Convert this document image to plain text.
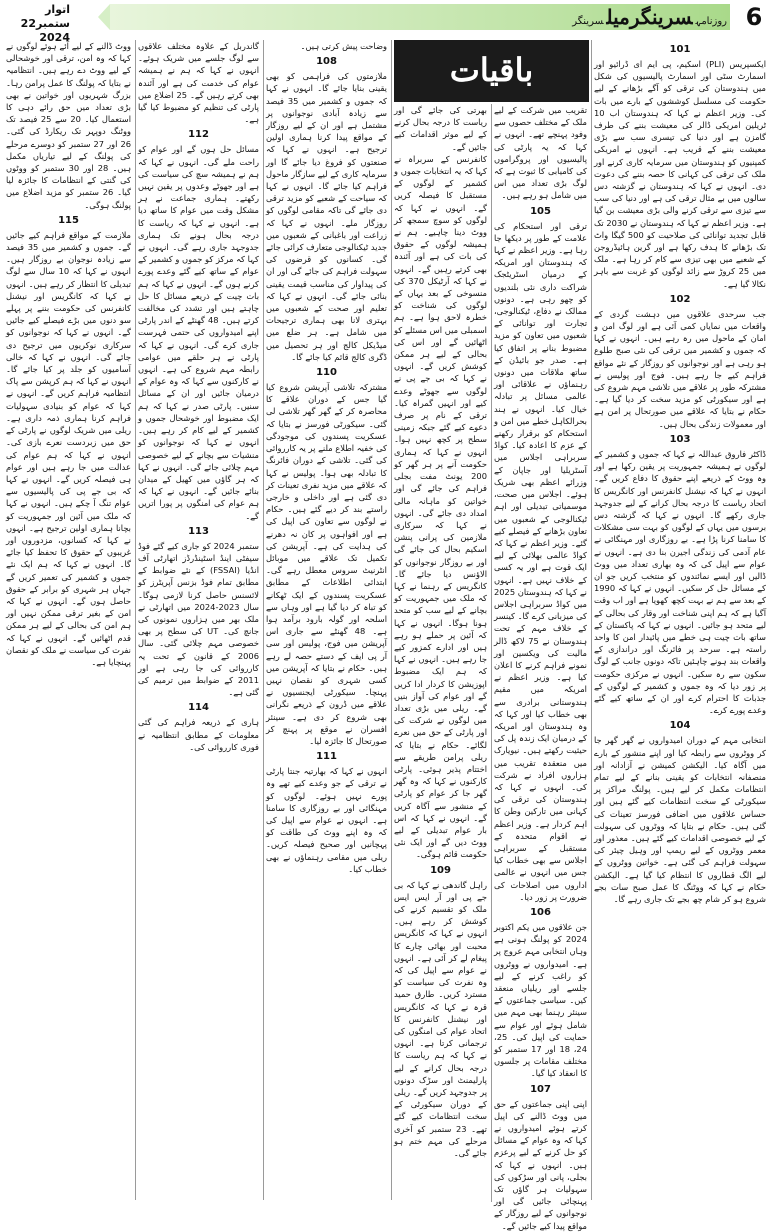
اتوار
22ستمبر 2024
روزنامہسرینگرمیلسرینگر	6
باقیات
101
ایکسپریس (PLI) اسکیم، پی ایم ای ڈرائیو اور اسمارٹ سٹی اور اسمارٹ پالیسیوں کی شکل میں ہندوستان کی ترقی کو آگے بڑھانے کے لیے حکومت کی مسلسل کوششوں کے بارے میں بات کی۔ وزیر اعظم نے کہا کہ ہندوستان اب 10 ٹریلین امریکی ڈالر کی معیشت بننے کی طرف گامزن ہے اور دنیا کی تیسری سب سے بڑی معیشت بننے کے قریب ہے۔ انہوں نے امریکی کمپنیوں کو ہندوستان میں سرمایہ کاری کرنے اور ملک کی ترقی کی کہانی کا حصہ بننے کی دعوت دی۔ انہوں نے کہا کہ ہندوستان نے گزشتہ دس سالوں میں بے مثال ترقی کی ہے اور دنیا کی سب سے تیزی سے ترقی کرنے والی بڑی معیشت بن گیا ہے۔ وزیر اعظم نے کہا کہ ہندوستان نے 2030 تک قابل تجدید توانائی کی صلاحیت کو 500 گیگا واٹ تک بڑھانے کا ہدف رکھا ہے اور گرین ہائیڈروجن کے شعبے میں بھی تیزی سے کام کر رہا ہے۔ ملک میں 25 کروڑ سے زائد لوگوں کو غربت سے باہر نکالا گیا ہے۔
102
جب سرحدی علاقوں میں دہشت گردی کے واقعات میں نمایاں کمی آئی ہے اور لوگ امن و امان کے ماحول میں رہ رہے ہیں۔ انہوں نے کہا کہ جموں و کشمیر میں ترقی کی نئی صبح طلوع ہو رہی ہے اور نوجوانوں کو روزگار کے نئے مواقع فراہم کیے جا رہے ہیں۔ فوج اور پولیس نے مشترکہ طور پر علاقے میں تلاشی مہم شروع کی ہے اور سیکورٹی کو مزید سخت کر دیا گیا ہے۔ حکام نے بتایا کہ علاقے میں صورتحال پر امن ہے اور معمولات زندگی بحال ہیں۔
103
ڈاکٹر فاروق عبداللہ نے کہا کہ جموں و کشمیر کے لوگوں نے ہمیشہ جمہوریت پر یقین رکھا ہے اور وہ ووٹ کے ذریعے اپنے حقوق کا دفاع کریں گے۔ انہوں نے کہا کہ نیشنل کانفرنس اور کانگریس کا اتحاد ریاست کا درجہ بحال کرانے کے لیے جدوجہد جاری رکھے گا۔ انہوں نے کہا کہ گزشتہ دس برسوں میں یہاں کے لوگوں کو بہت سی مشکلات کا سامنا کرنا پڑا ہے۔ بے روزگاری اور مہنگائی نے عام آدمی کی زندگی اجیرن بنا دی ہے۔ انہوں نے عوام سے اپیل کی کہ وہ بھاری تعداد میں ووٹ ڈالیں اور ایسے نمائندوں کو منتخب کریں جو ان کے مسائل حل کر سکیں۔ انہوں نے کہا کہ 1990 کے بعد سے ہم نے بہت کچھ کھویا ہے اور اب وقت آگیا ہے کہ ہم اپنی شناخت اور وقار کی بحالی کے لیے متحد ہو جائیں۔ انہوں نے کہا کہ پاکستان کے ساتھ بات چیت ہی خطے میں پائیدار امن کا واحد راستہ ہے۔ سرحد پر فائرنگ اور دراندازی کے واقعات بند ہونے چاہئیں تاکہ دونوں جانب کے لوگ سکون سے رہ سکیں۔ انہوں نے مرکزی حکومت پر زور دیا کہ وہ جموں و کشمیر کے لوگوں کے جذبات کا احترام کرے اور ان کے ساتھ کیے گئے وعدے پورے کرے۔
104
انتخابی مہم کے دوران امیدواروں نے گھر گھر جا کر ووٹروں سے رابطہ کیا اور اپنے منشور کے بارے میں آگاہ کیا۔ الیکشن کمیشن نے آزادانہ اور منصفانہ انتخابات کو یقینی بنانے کے لیے تمام انتظامات مکمل کر لیے ہیں۔ پولنگ مراکز پر سیکورٹی کے سخت انتظامات کیے گئے ہیں اور حساس علاقوں میں اضافی فورسز تعینات کی گئی ہیں۔ حکام نے بتایا کہ ووٹروں کی سہولت کے لیے خصوصی اقدامات کیے گئے ہیں۔ معذور اور معمر ووٹروں کے لیے ریمپ اور وہیل چیئر کی سہولت فراہم کی گئی ہے۔ خواتین ووٹروں کے لیے الگ قطاروں کا انتظام کیا گیا ہے۔ الیکشن حکام نے کہا کہ ووٹنگ کا عمل صبح سات بجے شروع ہو کر شام چھ بجے تک جاری رہے گا۔
تقریب میں شرکت کے لیے ملک کے مختلف حصوں سے وفود پہنچے تھے۔ انہوں نے کہا کہ یہ پارٹی کی پالیسیوں اور پروگراموں کی کامیابی کا ثبوت ہے کہ لوگ بڑی تعداد میں اس میں شامل ہو رہے ہیں۔
105
ترقی اور استحکام کی علامت کے طور پر دیکھا جا رہا ہے۔ وزیر اعظم نے کہا کہ ہندوستان اور امریکہ کے درمیان اسٹریٹجک شراکت داری نئی بلندیوں کو چھو رہی ہے۔ دونوں ممالک نے دفاع، ٹیکنالوجی، تجارت اور توانائی کے شعبوں میں تعاون کو مزید مضبوط بنانے پر اتفاق کیا ہے۔ صدر جو بائیڈن کے ساتھ ملاقات میں دونوں رہنماؤں نے علاقائی اور عالمی مسائل پر تبادلہ خیال کیا۔ انہوں نے ہند بحرالکاہل خطے میں امن و استحکام کو برقرار رکھنے کے عزم کا اعادہ کیا۔ کواڈ سربراہی اجلاس میں آسٹریلیا اور جاپان کے وزرائے اعظم بھی شریک ہوئے۔ اجلاس میں صحت، موسمیاتی تبدیلی اور اہم ٹیکنالوجی کے شعبوں میں تعاون بڑھانے کے فیصلے کیے گئے۔ وزیر اعظم نے کہا کہ کواڈ عالمی بھلائی کے لیے ایک قوت ہے اور یہ کسی کے خلاف نہیں ہے۔ انہوں نے کہا کہ ہندوستان 2025 میں کواڈ سربراہی اجلاس کی میزبانی کرے گا۔ کینسر کے خلاف مہم کے تحت ہندوستان نے 75 لاکھ ڈالر مالیت کی ویکسین اور نمونے فراہم کرنے کا اعلان کیا ہے۔ وزیر اعظم نے امریکہ میں مقیم ہندوستانی برادری سے بھی خطاب کیا اور کہا کہ وہ ہندوستان اور امریکہ کے درمیان ایک زندہ پل کی حیثیت رکھتے ہیں۔ نیویارک میں منعقدہ تقریب میں ہزاروں افراد نے شرکت کی۔ انہوں نے کہا کہ ہندوستان کی ترقی کی کہانی میں تارکین وطن کا اہم کردار ہے۔ وزیر اعظم نے اقوام متحدہ کے مستقبل کے سربراہی اجلاس سے بھی خطاب کیا جس میں انہوں نے عالمی اداروں میں اصلاحات کی ضرورت پر زور دیا۔
106
جن علاقوں میں یکم اکتوبر 2024 کو پولنگ ہونی ہے وہاں انتخابی مہم عروج پر ہے۔ امیدواروں نے ووٹروں کو راغب کرنے کے لیے جلسے اور ریلیاں منعقد کیں۔ سیاسی جماعتوں کے سینئر رہنما بھی مہم میں شامل ہوئے اور عوام سے حمایت کی اپیل کی۔ 25، 24، 18 اور 17 ستمبر کو مختلف مقامات پر جلسوں کا انعقاد کیا گیا۔
107
اپنی اپنی جماعتوں کے حق میں ووٹ ڈالنے کی اپیل کرتے ہوئے امیدواروں نے کہا کہ وہ عوام کے مسائل کو حل کرنے کے لیے پرعزم ہیں۔ انہوں نے کہا کہ بجلی، پانی اور سڑکوں کی سہولیات ہر گاؤں تک پہنچائی جائیں گی اور نوجوانوں کے لیے روزگار کے مواقع پیدا کیے جائیں گے۔
بھرتی کی جائے گی اور ریاست کا درجہ بحال کرنے کے لیے موثر اقدامات کیے جائیں گے۔
کانفرنس کے سربراہ نے کہا کہ یہ انتخابات جموں و کشمیر کے لوگوں کے مستقبل کا فیصلہ کریں گے۔ انہوں نے کہا کہ لوگوں کو سوچ سمجھ کر ووٹ دینا چاہیے۔ ہم نے ہمیشہ لوگوں کے حقوق کی بات کی ہے اور آئندہ بھی کرتے رہیں گے۔ انہوں نے کہا کہ آرٹیکل 370 کی منسوخی کے بعد یہاں کے لوگوں کی شناخت کو خطرہ لاحق ہوا ہے۔ ہم اسمبلی میں اس مسئلے کو اٹھائیں گے اور اس کی بحالی کے لیے ہر ممکن کوشش کریں گے۔ انہوں نے کہا کہ بی جے پی نے لوگوں سے جھوٹے وعدے کیے اور انہیں گمراہ کیا۔ ترقی کے نام پر صرف دعوے کیے گئے جبکہ زمینی سطح پر کچھ نہیں ہوا۔ انہوں نے کہا کہ ہماری حکومت آنے پر ہر گھر کو 200 یونٹ مفت بجلی فراہم کی جائے گی اور خواتین کو ماہانہ مالی امداد دی جائے گی۔ انہوں نے کہا کہ سرکاری ملازمین کی پرانی پنشن اسکیم بحال کی جائے گی اور بے روزگار نوجوانوں کو الاؤنس دیا جائے گا۔ کانگریس کے رہنما نے کہا کہ ملک میں جمہوریت کو بچانے کے لیے سب کو متحد ہونا ہوگا۔ انہوں نے کہا کہ آئین پر حملے ہو رہے ہیں اور ادارے کمزور کیے جا رہے ہیں۔ انہوں نے کہا کہ ہم ایک مضبوط اپوزیشن کا کردار ادا کریں گے اور عوام کی آواز بنیں گے۔ ریلی میں بڑی تعداد میں لوگوں نے شرکت کی اور پارٹی کے حق میں نعرے لگائے۔ حکام نے بتایا کہ ریلی پرامن طریقے سے اختتام پذیر ہوئی۔ پارٹی کارکنوں نے کہا کہ وہ گھر گھر جا کر عوام کو پارٹی کے منشور سے آگاہ کریں گے۔ انہوں نے کہا کہ اس بار عوام تبدیلی کے لیے ووٹ دیں گے اور ایک نئی حکومت قائم ہوگی۔
109
راہل گاندھی نے کہا کہ بی جے پی اور آر ایس ایس ملک کو تقسیم کرنے کی کوشش کر رہے ہیں۔ انہوں نے کہا کہ کانگریس محبت اور بھائی چارے کا پیغام لے کر آئی ہے۔ انہوں نے عوام سے اپیل کی کہ وہ نفرت کی سیاست کو مسترد کریں۔ طارق حمید قرہ نے کہا کہ کانگریس اور نیشنل کانفرنس کا اتحاد عوام کی امنگوں کی ترجمانی کرتا ہے۔ انہوں نے کہا کہ ہم ریاست کا درجہ بحال کرانے کے لیے پارلیمنٹ اور سڑک دونوں پر جدوجہد کریں گے۔ ریلی کے دوران سیکورٹی کے سخت انتظامات کیے گئے تھے۔ 23 ستمبر کو آخری مرحلے کی مہم ختم ہو جائے گی۔
وضاحت پیش کرتی ہیں۔
108
ملازمتوں کی فراہمی کو بھی یقینی بنایا جائے گا۔ انہوں نے کہا کہ جموں و کشمیر میں 35 فیصد سے زیادہ آبادی نوجوانوں پر مشتمل ہے اور ان کے لیے روزگار کے مواقع پیدا کرنا ہماری اولین ترجیح ہے۔ انہوں نے کہا کہ صنعتوں کو فروغ دیا جائے گا اور سرمایہ کاری کے لیے سازگار ماحول فراہم کیا جائے گا۔ انہوں نے کہا کہ سیاحت کے شعبے کو مزید ترقی دی جائے گی تاکہ مقامی لوگوں کو روزگار ملے۔ انہوں نے کہا کہ زراعت اور باغبانی کے شعبوں میں جدید ٹیکنالوجی متعارف کرائی جائے گی۔ کسانوں کو قرضوں کی سہولت فراہم کی جائے گی اور ان کی پیداوار کی مناسب قیمت یقینی بنائی جائے گی۔ انہوں نے کہا کہ تعلیم اور صحت کے شعبوں میں بہتری لانا بھی ہماری ترجیحات میں شامل ہے۔ ہر ضلع میں میڈیکل کالج اور ہر تحصیل میں ڈگری کالج قائم کیا جائے گا۔
110
مشترکہ تلاشی آپریشن شروع کیا گیا جس کے دوران علاقے کا محاصرہ کر کے گھر گھر تلاشی لی گئی۔ سیکورٹی فورسز نے بتایا کہ عسکریت پسندوں کی موجودگی کی خفیہ اطلاع ملنے پر یہ کارروائی کی گئی۔ تلاشی کے دوران فائرنگ کا تبادلہ بھی ہوا۔ پولیس نے کہا کہ علاقے میں مزید نفری تعینات کر دی گئی ہے اور داخلی و خارجی راستے بند کر دیے گئے ہیں۔ حکام نے لوگوں سے تعاون کی اپیل کی ہے اور افواہوں پر کان نہ دھرنے کی ہدایت کی ہے۔ آپریشن کی تکمیل تک علاقے میں موبائل انٹرنیٹ سروس معطل رہے گی۔ ابتدائی اطلاعات کے مطابق عسکریت پسندوں کے ایک ٹھکانے کو تباہ کر دیا گیا ہے اور وہاں سے اسلحہ اور گولہ بارود برآمد ہوا ہے۔ 48 گھنٹے سے جاری اس آپریشن میں فوج، پولیس اور سی آر پی ایف کے دستے حصہ لے رہے ہیں۔ حکام نے بتایا کہ آپریشن میں کسی شہری کو نقصان نہیں پہنچا۔ سیکورٹی ایجنسیوں نے علاقے میں ڈرون کے ذریعے نگرانی بھی شروع کر دی ہے۔ سینئر افسران نے موقع پر پہنچ کر صورتحال کا جائزہ لیا۔
111
انہوں نے کہا کہ بھارتیہ جنتا پارٹی نے ترقی کے جو وعدے کیے تھے وہ پورے نہیں ہوئے۔ لوگوں کو مہنگائی اور بے روزگاری کا سامنا ہے۔ انہوں نے عوام سے اپیل کی کہ وہ اپنے ووٹ کی طاقت کو پہچانیں اور صحیح فیصلہ کریں۔ ریلی میں مقامی رہنماؤں نے بھی خطاب کیا۔
گاندربل کے علاوہ مختلف علاقوں سے لوگ جلسے میں شریک ہوئے۔ انہوں نے کہا کہ ہم نے ہمیشہ عوام کی خدمت کی ہے اور آئندہ بھی کرتے رہیں گے۔ 25 اضلاع میں پارٹی کی تنظیم کو مضبوط کیا گیا ہے۔
112
مسائل حل ہوں گے اور عوام کو راحت ملے گی۔ انہوں نے کہا کہ ہم نے ہمیشہ سچ کی سیاست کی ہے اور جھوٹے وعدوں پر یقین نہیں رکھتے۔ ہماری جماعت نے ہر مشکل وقت میں عوام کا ساتھ دیا ہے۔ انہوں نے کہا کہ ریاست کا درجہ بحال ہونے تک ہماری جدوجہد جاری رہے گی۔ انہوں نے کہا کہ مرکز کو جموں و کشمیر کے عوام کے ساتھ کیے گئے وعدے پورے کرنے ہوں گے۔ انہوں نے کہا کہ ہم بات چیت کے ذریعے مسائل کا حل چاہتے ہیں اور تشدد کی مخالفت کرتے ہیں۔ 48 گھنٹے کے اندر پارٹی اپنے امیدواروں کی حتمی فہرست جاری کرے گی۔ انہوں نے کہا کہ پارٹی نے ہر حلقے میں عوامی رابطہ مہم شروع کی ہے۔ انہوں نے کارکنوں سے کہا کہ وہ عوام کے درمیان جائیں اور ان کے مسائل سنیں۔ پارٹی صدر نے کہا کہ ہم ایک مضبوط اور خوشحال جموں و کشمیر کے لیے کام کر رہے ہیں۔ انہوں نے کہا کہ نوجوانوں کو منشیات سے بچانے کے لیے خصوصی مہم چلائی جائے گی۔ انہوں نے کہا کہ ہر گاؤں میں کھیل کے میدان بنائے جائیں گے۔ انہوں نے کہا کہ ہم عوام کی امنگوں پر پورا اتریں گے۔
113
ستمبر 2024 کو جاری کیے گئے فوڈ سیفٹی اینڈ اسٹینڈرڈز اتھارٹی آف انڈیا (FSSAI) کے نئے ضوابط کے مطابق تمام فوڈ بزنس آپریٹرز کو لائسنس حاصل کرنا لازمی ہوگا۔ سال 2023-2024 میں اتھارٹی نے ملک بھر میں ہزاروں نمونوں کی جانچ کی۔ UT کی سطح پر بھی خصوصی مہم چلائی گئی۔ سال 2006 کے قانون کے تحت یہ کارروائی کی جا رہی ہے اور 2011 کے ضوابط میں ترمیم کی گئی ہے۔
114
ہاری کے ذریعہ فراہم کی گئی معلومات کے مطابق انتظامیہ نے فوری کارروائی کی۔
ووٹ ڈالنے کے لیے آئے ہوئے لوگوں نے کہا کہ وہ امن، ترقی اور خوشحالی کے لیے ووٹ دے رہے ہیں۔ انتظامیہ نے بتایا کہ پولنگ کا عمل پرامن رہا۔ بزرگ شہریوں اور خواتین نے بھی بڑی تعداد میں حق رائے دہی کا استعمال کیا۔ 20 سے 25 فیصد تک ووٹنگ دوپہر تک ریکارڈ کی گئی۔ 26 اور 27 ستمبر کو دوسرے مرحلے کی پولنگ کے لیے تیاریاں مکمل ہیں۔ 28 اور 30 ستمبر کو ووٹوں کی گنتی کے انتظامات کا جائزہ لیا گیا۔ 26 ستمبر کو مزید اضلاع میں پولنگ ہوگی۔
115
ملازمت کے مواقع فراہم کیے جائیں گے۔ جموں و کشمیر میں 35 فیصد سے زیادہ نوجوان بے روزگار ہیں۔ انہوں نے کہا کہ 10 سال سے لوگ تبدیلی کا انتظار کر رہے ہیں۔ انہوں نے کہا کہ کانگریس اور نیشنل کانفرنس کی حکومت بننے پر پہلے سو دنوں میں بڑے فیصلے کیے جائیں گے۔ انہوں نے کہا کہ نوجوانوں کو سرکاری نوکریوں میں ترجیح دی جائے گی۔ انہوں نے کہا کہ خالی آسامیوں کو جلد پر کیا جائے گا۔ انہوں نے کہا کہ ہم کرپشن سے پاک انتظامیہ فراہم کریں گے۔ انہوں نے کہا کہ عوام کو بنیادی سہولیات فراہم کرنا ہماری ذمہ داری ہے۔ ریلی میں شریک لوگوں نے پارٹی کے حق میں زبردست نعرے بازی کی۔ انہوں نے کہا کہ ہم عوام کی عدالت میں جا رہے ہیں اور عوام ہی فیصلہ کریں گے۔ انہوں نے کہا کہ بی جے پی کی پالیسیوں سے عوام تنگ آ چکے ہیں۔ انہوں نے کہا کہ ملک میں آئین اور جمہوریت کو بچانا ہماری اولین ترجیح ہے۔ انہوں نے کہا کہ کسانوں، مزدوروں اور غریبوں کے حقوق کا تحفظ کیا جائے گا۔ انہوں نے کہا کہ ہم ایک نئے جموں و کشمیر کی تعمیر کریں گے جہاں ہر شہری کو برابر کے حقوق حاصل ہوں گے۔ انہوں نے کہا کہ امن کے بغیر ترقی ممکن نہیں اور ہم امن کی بحالی کے لیے ہر ممکن قدم اٹھائیں گے۔ انہوں نے کہا کہ نفرت کی سیاست نے ملک کو نقصان پہنچایا ہے۔
